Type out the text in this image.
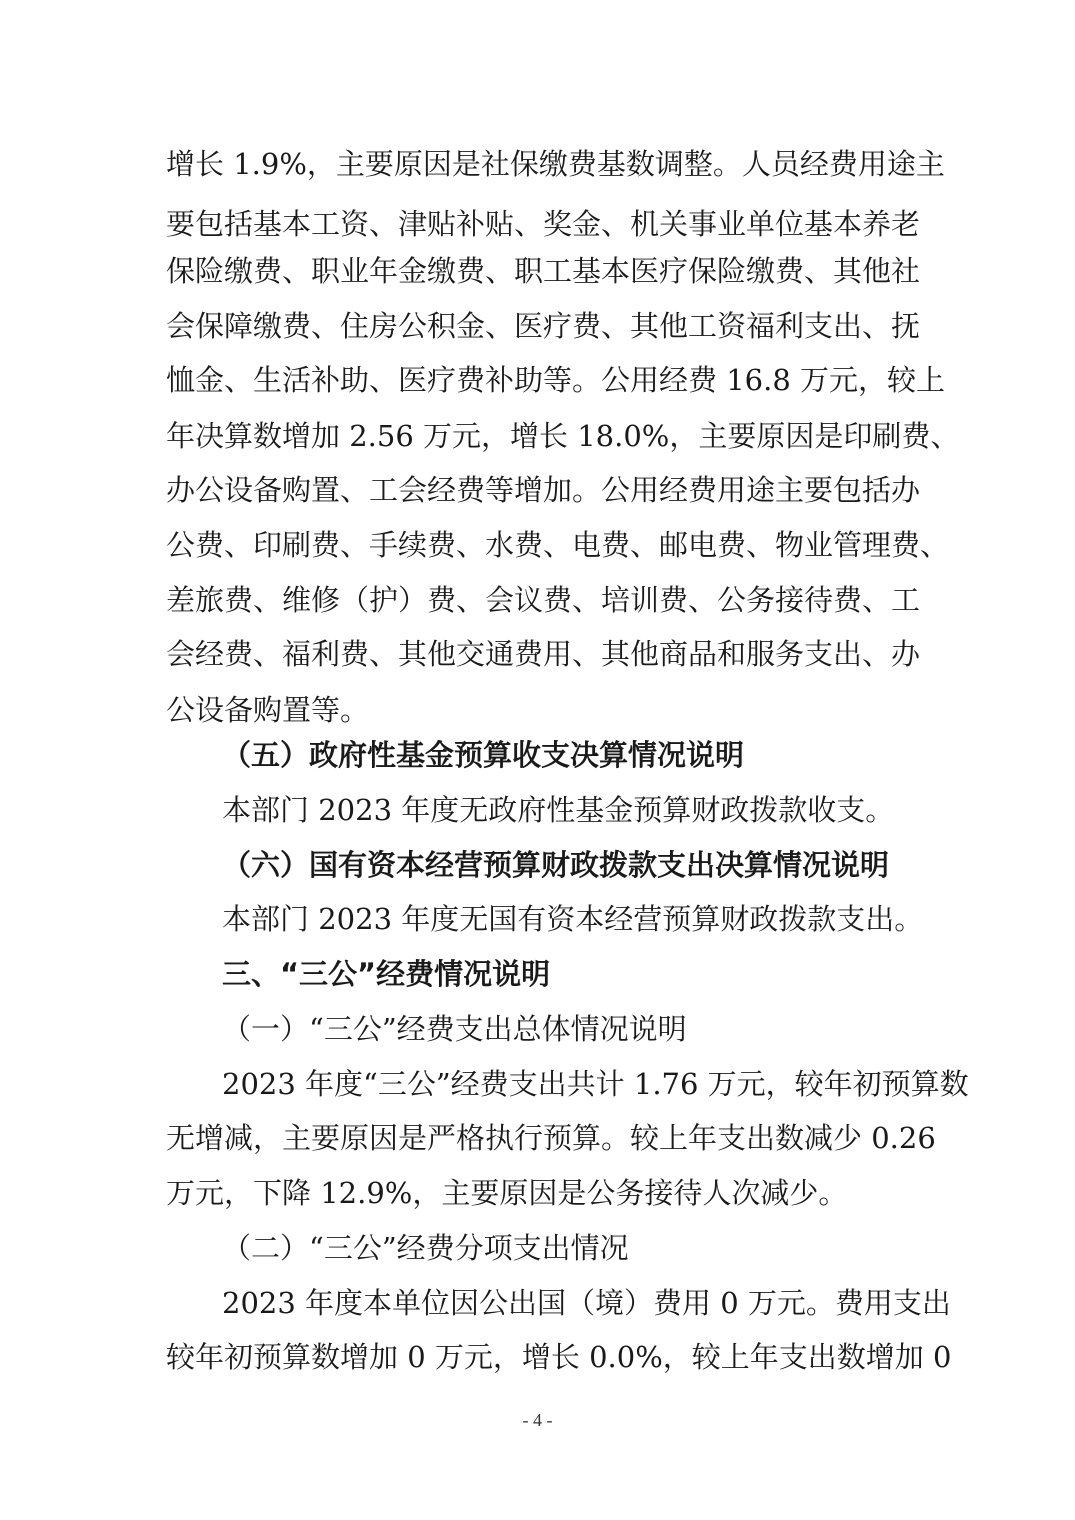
增长 1.9%，主要原因是社保缴费基数调整。人员经费用途主
要包括基本工资、津贴补贴、奖金、机关事业单位基本养老
保险缴费、职业年金缴费、职工基本医疗保险缴费、其他社
会保障缴费、住房公积金、医疗费、其他工资福利支出、抚
恤金、生活补助、医疗费补助等。公用经费 16.8 万元，较上
年决算数增加 2.56 万元，增长 18.0%，主要原因是印刷费、
办公设备购置、工会经费等增加。公用经费用途主要包括办
公费、印刷费、手续费、水费、电费、邮电费、物业管理费、
差旅费、维修（护）费、会议费、培训费、公务接待费、工
会经费、福利费、其他交通费用、其他商品和服务支出、办
公设备购置等。
（五）政府性基金预算收支决算情况说明
本部门 2023 年度无政府性基金预算财政拨款收支。
（六）国有资本经营预算财政拨款支出决算情况说明
本部门 2023 年度无国有资本经营预算财政拨款支出。
三、“三公”经费情况说明
（一）“三公”经费支出总体情况说明
2023 年度“三公”经费支出共计 1.76 万元，较年初预算数
无增减，主要原因是严格执行预算。较上年支出数减少 0.26
万元，下降 12.9%，主要原因是公务接待人次减少。
（二）“三公”经费分项支出情况
2023 年度本单位因公出国（境）费用 0 万元。费用支出
较年初预算数增加 0 万元，增长 0.0%，较上年支出数增加 0
- 4 -
